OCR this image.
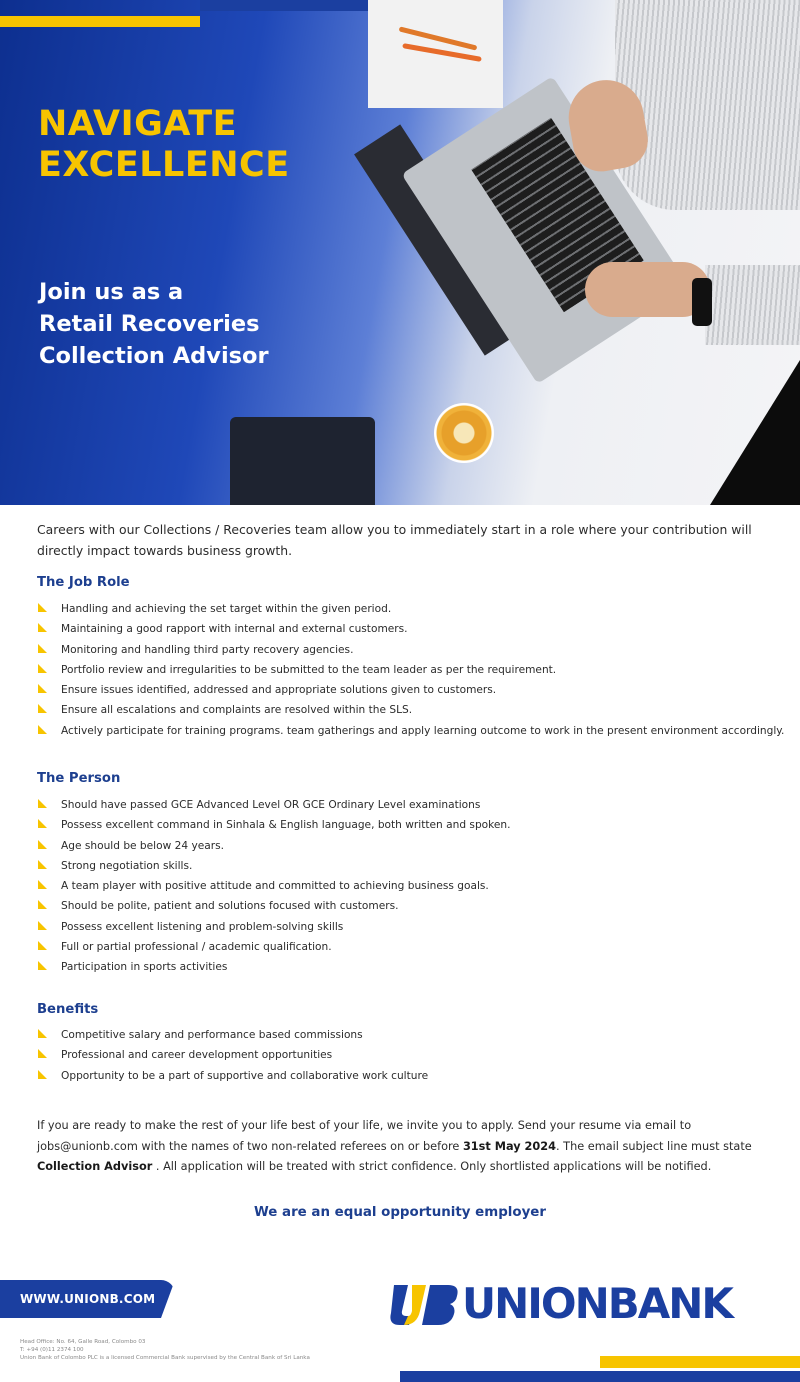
NAVIGATE
EXCELLENCE
Join us as a
Retail Recoveries
Collection Advisor

Careers with our Collections / Recoveries team allow you to immediately start in a role where your contribution will directly impact towards business growth.

The Job Role
Handling and achieving the set target within the given period.
Maintaining a good rapport with internal and external customers.
Monitoring and handling third party recovery agencies.
Portfolio review and irregularities to be submitted to the team leader as per the requirement.
Ensure issues identified, addressed and appropriate solutions given to customers.
Ensure all escalations and complaints are resolved within the SLS.
Actively participate for training programs. team gatherings and apply learning outcome to work in the present environment accordingly.
The Person
Should have passed GCE Advanced Level OR GCE Ordinary Level examinations
Possess excellent command in Sinhala & English language, both written and spoken.
Age should be below 24 years.
Strong negotiation skills.
A team player with positive attitude and committed to achieving business goals.
Should be polite, patient and solutions focused with customers.
Possess excellent listening and problem-solving skills
Full or partial professional / academic qualification.
Participation in sports activities
Benefits
Competitive salary and performance based commissions
Professional and career development opportunities
Opportunity to be a part of supportive and collaborative work culture

If you are ready to make the rest of your life best of your life, we invite you to apply. Send your resume via email to jobs@unionb.com with the names of two non-related referees on or before 31st May 2024. The email subject line must state Collection Advisor . All application will be treated with strict confidence. Only shortlisted applications will be notified.

We are an equal opportunity employer

WWW.UNIONB.COM	UNIONBANK
Head Office: No. 64, Galle Road, Colombo 03
T: +94 (0)11 2374 100
Union Bank of Colombo PLC is a licensed Commercial Bank supervised by the Central Bank of Sri Lanka
